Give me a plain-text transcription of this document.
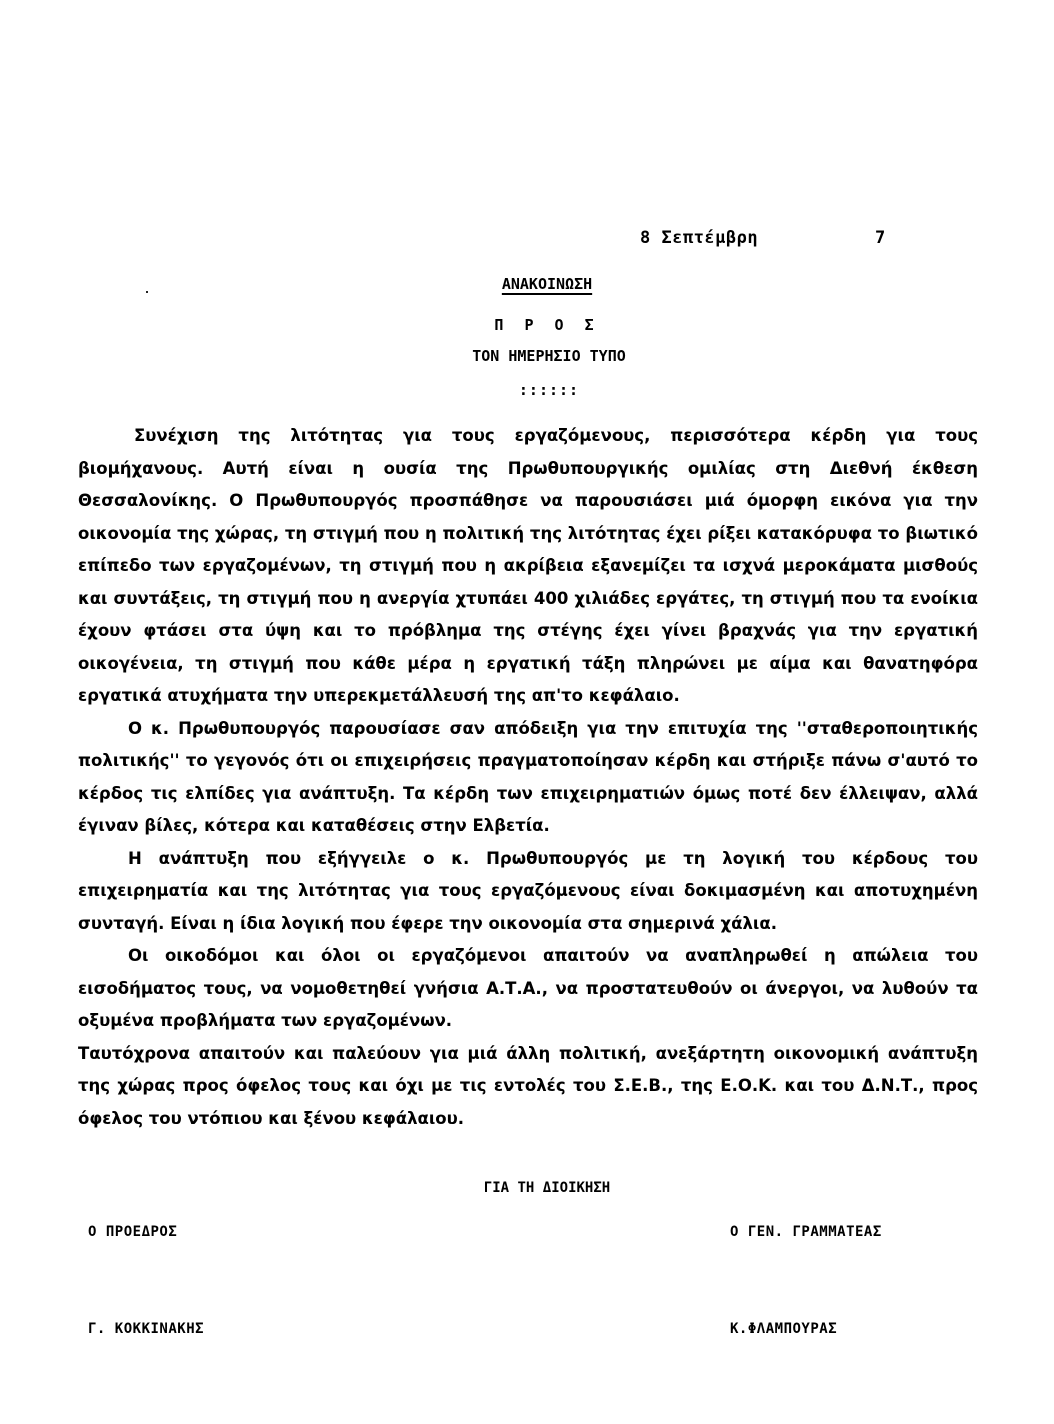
8 Σεπτέμβρη	7
ΑΝΑΚΟΙΝΩΣΗ
Π Ρ Ο Σ
ΤΟΝ ΗΜΕΡΗΣΙΟ ΤΥΠΟ
::::::

Συνέχιση της λιτότητας για τους εργαζόμενους, περισσότερα κέρδη για τους βιομήχανους. Αυτή είναι η ουσία της Πρωθυπουργικής ομιλίας στη Διεθνή έκθεση Θεσσαλονίκης. Ο Πρωθυπουργός προσπάθησε να παρουσιάσει μιά όμορφη εικόνα για την οικονομία της χώρας, τη στιγμή που η πολιτική της λιτότητας έχει ρίξει κατακόρυφα το βιωτικό επίπεδο των εργαζομένων, τη στιγμή που η ακρίβεια εξανεμίζει τα ισχνά μεροκάματα μισθούς και συντάξεις, τη στιγμή που η ανεργία χτυπάει 400 χιλιάδες εργάτες, τη στιγμή που τα ενοίκια έχουν φτάσει στα ύψη και το πρόβλημα της στέγης έχει γίνει βραχνάς για την εργατική οικογένεια, τη στιγμή που κάθε μέρα η εργατική τάξη πληρώνει με αίμα και θανατηφόρα εργατικά ατυχήματα την υπερεκμετάλλευσή της απ'το κεφάλαιο.

Ο κ. Πρωθυπουργός παρουσίασε σαν απόδειξη για την επιτυχία της ''σταθεροποιητικής πολιτικής'' το γεγονός ότι οι επιχειρήσεις πραγματοποίησαν κέρδη και στήριξε πάνω σ'αυτό το κέρδος τις ελπίδες για ανάπτυξη. Τα κέρδη των επιχειρηματιών όμως ποτέ δεν έλλειψαν, αλλά έγιναν βίλες, κότερα και καταθέσεις στην Ελβετία.

Η ανάπτυξη που εξήγγειλε ο κ. Πρωθυπουργός με τη λογική του κέρδους του επιχειρηματία και της λιτότητας για τους εργαζόμενους είναι δοκιμασμένη και αποτυχημένη συνταγή. Είναι η ίδια λογική που έφερε την οικονομία στα σημερινά χάλια.

Οι οικοδόμοι και όλοι οι εργαζόμενοι απαιτούν να αναπληρωθεί η απώλεια του εισοδήματος τους, να νομοθετηθεί γνήσια Α.Τ.Α., να προστατευθούν οι άνεργοι, να λυθούν τα οξυμένα προβλήματα των εργαζομένων.

Ταυτόχρονα απαιτούν και παλεύουν για μιά άλλη πολιτική, ανεξάρτητη οικονομική ανάπτυξη της χώρας προς όφελος τους και όχι με τις εντολές του Σ.Ε.Β., της Ε.Ο.Κ. και του Δ.Ν.Τ., προς όφελος του ντόπιου και ξένου κεφάλαιου.

ΓΙΑ ΤΗ ΔΙΟΙΚΗΣΗ
Ο ΠΡΟΕΔΡΟΣ	Ο ΓΕΝ. ΓΡΑΜΜΑΤΕΑΣ
Γ. ΚΟΚΚΙΝΑΚΗΣ	Κ.ΦΛΑΜΠΟΥΡΑΣ
